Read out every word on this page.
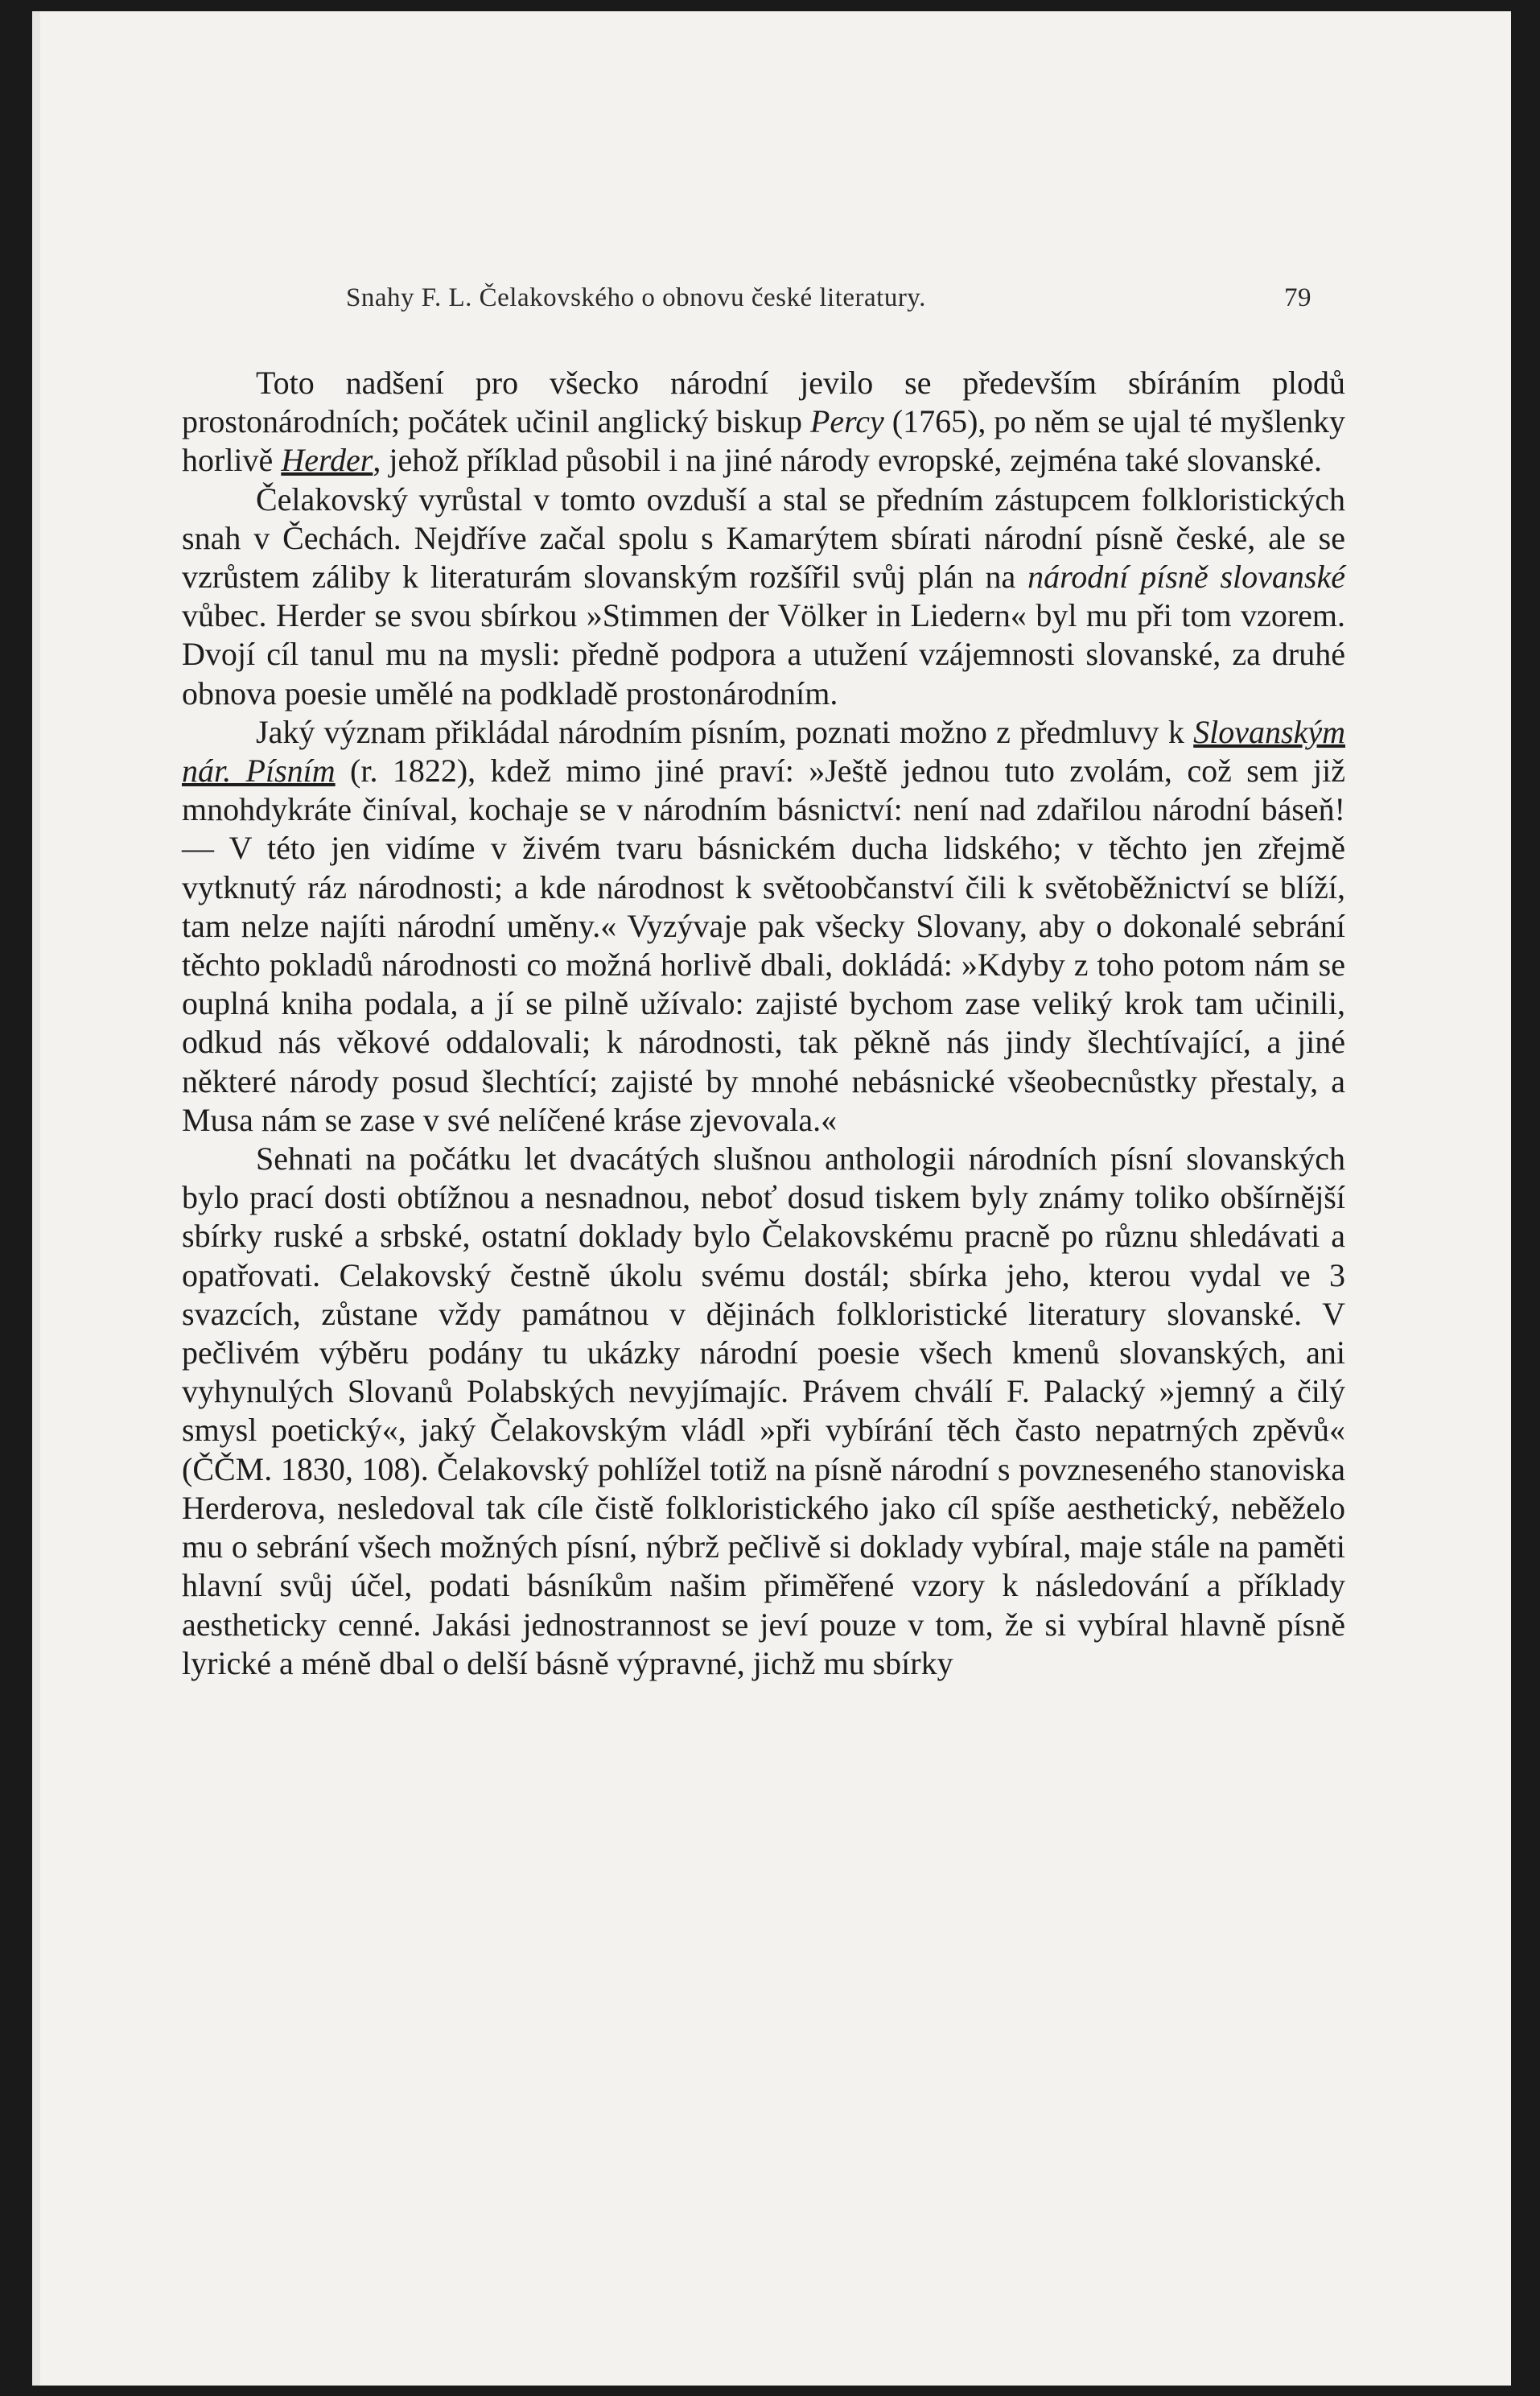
Snahy F. L. Čelakovského o obnovu české literatury.	79

Toto nadšení pro všecko národní jevilo se především sbíráním plodů prostonárodních; počátek učinil anglický biskup Percy (1765), po něm se ujal té myšlenky horlivě Herder, jehož příklad působil i na jiné národy evropské, zejména také slovanské.

Čelakovský vyrůstal v tomto ovzduší a stal se předním zástupcem folkloristických snah v Čechách. Nejdříve začal spolu s Kamarýtem sbírati národní písně české, ale se vzrůstem záliby k literaturám slovanským rozšířil svůj plán na národní písně slovanské vůbec. Herder se svou sbírkou »Stimmen der Völker in Liedern« byl mu při tom vzorem. Dvojí cíl tanul mu na mysli: předně podpora a utužení vzájemnosti slovanské, za druhé obnova poesie umělé na podkladě prostonárodním.

Jaký význam přikládal národním písním, poznati možno z předmluvy k Slovanským nár. Písním (r. 1822), kdež mimo jiné praví: »Ještě jednou tuto zvolám, což sem již mnohdykráte činíval, kochaje se v národním básnictví: není nad zdařilou národní báseň! — V této jen vidíme v živém tvaru básnickém ducha lidského; v těchto jen zřejmě vytknutý ráz národnosti; a kde národnost k světoobčanství čili k světoběžnictví se blíží, tam nelze najíti národní uměny.« Vyzývaje pak všecky Slovany, aby o dokonalé sebrání těchto pokladů národnosti co možná horlivě dbali, dokládá: »Kdyby z toho potom nám se ouplná kniha podala, a jí se pilně užívalo: zajisté bychom zase veliký krok tam učinili, odkud nás věkové oddalovali; k národnosti, tak pěkně nás jindy šlechtívající, a jiné některé národy posud šlechtící; zajisté by mnohé nebásnické všeobecnůstky přestaly, a Musa nám se zase v své nelíčené kráse zjevovala.«

Sehnati na počátku let dvacátých slušnou anthologii národních písní slovanských bylo prací dosti obtížnou a nesnadnou, neboť dosud tiskem byly známy toliko obšírnější sbírky ruské a srbské, ostatní doklady bylo Čelakovskému pracně po různu shledávati a opatřovati. Celakovský čestně úkolu svému dostál; sbírka jeho, kterou vydal ve 3 svazcích, zůstane vždy památnou v dějinách folkloristické literatury slovanské. V pečlivém výběru podány tu ukázky národní poesie všech kmenů slovanských, ani vyhynulých Slovanů Polabských nevyjímajíc. Právem chválí F. Palacký »jemný a čilý smysl poetický«, jaký Čelakovským vládl »při vybírání těch často nepatrných zpěvů« (ČČM. 1830, 108). Čelakovský pohlížel totiž na písně národní s povzneseného stanoviska Herderova, nesledoval tak cíle čistě folkloristického jako cíl spíše aesthetický, neběželo mu o sebrání všech možných písní, nýbrž pečlivě si doklady vybíral, maje stále na paměti hlavní svůj účel, podati básníkům našim přiměřené vzory k následování a příklady aestheticky cenné. Jakási jednostrannost se jeví pouze v tom, že si vybíral hlavně písně lyrické a méně dbal o delší básně výpravné, jichž mu sbírky
